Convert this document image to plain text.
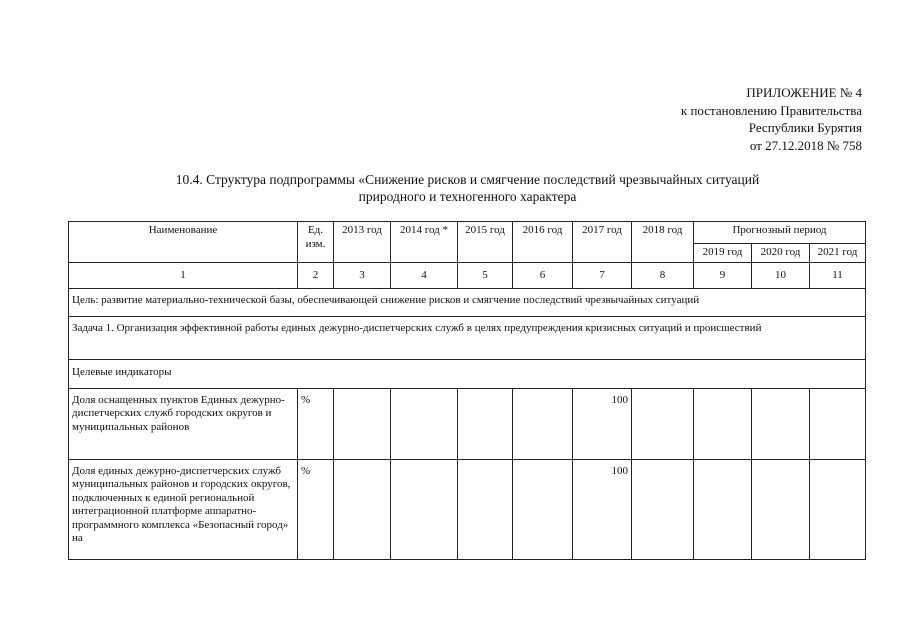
ПРИЛОЖЕНИЕ № 4
к постановлению Правительства
Республики Бурятия
от 27.12.2018 № 758
10.4. Структура подпрограммы «Снижение рисков и смягчение последствий чрезвычайных ситуаций
природного и техногенного характера
Наименование	Ед. изм.	2013 год	2014 год *	2015 год	2016 год	2017 год	2018 год	Прогнозный период		
								2019 год	2020 год	2021 год
1	2	3	4	5	6	7	8	9	10	11
Цель: развитие материально-технической базы, обеспечивающей снижение рисков и смягчение последствий чрезвычайных ситуаций										
Задача 1. Организация эффективной работы единых дежурно-диспетчерских служб в целях предупреждения кризисных ситуаций и происшествий										
Целевые индикаторы										
Доля оснащенных пунктов Единых дежурно-диспетчерских служб городских округов и муниципальных районов	%					100				
Доля единых дежурно-диспетчерских служб муниципальных районов и городских округов, подключенных к единой региональной интеграционной платформе аппаратно-программного комплекса «Безопасный город» на	%					100				
